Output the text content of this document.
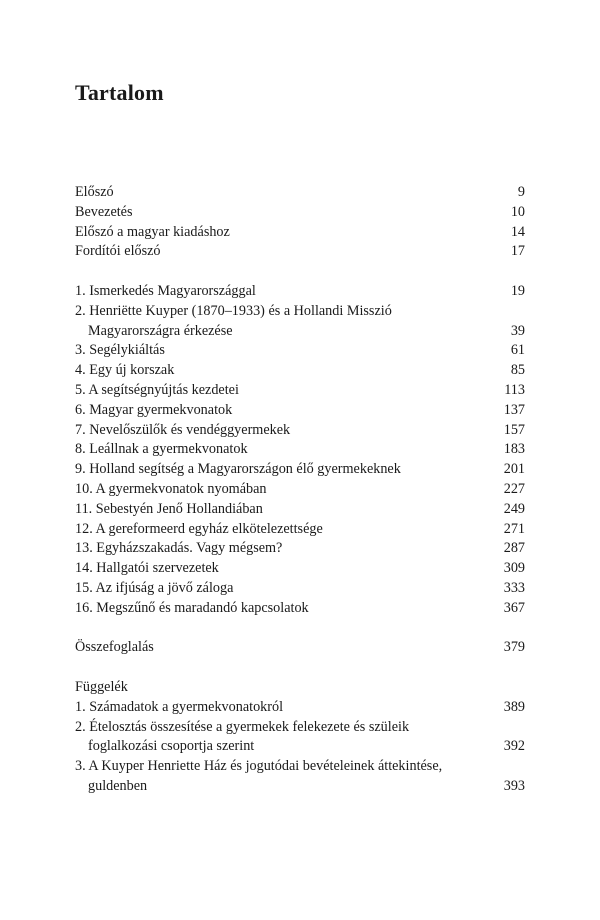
Tartalom
Előszó	9
Bevezetés	10
Előszó a magyar kiadáshoz	14
Fordítói előszó	17
1. Ismerkedés Magyarországgal	19
2. Henriëtte Kuyper (1870–1933) és a Hollandi Misszió
Magyarországra érkezése	39
3. Segélykiáltás	61
4. Egy új korszak	85
5. A segítségnyújtás kezdetei	113
6. Magyar gyermekvonatok	137
7. Nevelőszülők és vendéggyermekek	157
8. Leállnak a gyermekvonatok	183
9. Holland segítség a Magyarországon élő gyermekeknek	201
10. A gyermekvonatok nyomában	227
11. Sebestyén Jenő Hollandiában	249
12. A gereformeerd egyház elkötelezettsége	271
13. Egyházszakadás. Vagy mégsem?	287
14. Hallgatói szervezetek	309
15. Az ifjúság a jövő záloga	333
16. Megszűnő és maradandó kapcsolatok	367
Összefoglalás	379
Függelék
1. Számadatok a gyermekvonatokról	389
2. Ételosztás összesítése a gyermekek felekezete és szüleik
foglalkozási csoportja szerint	392
3. A Kuyper Henriette Ház és jogutódai bevételeinek áttekintése,
guldenben	393
